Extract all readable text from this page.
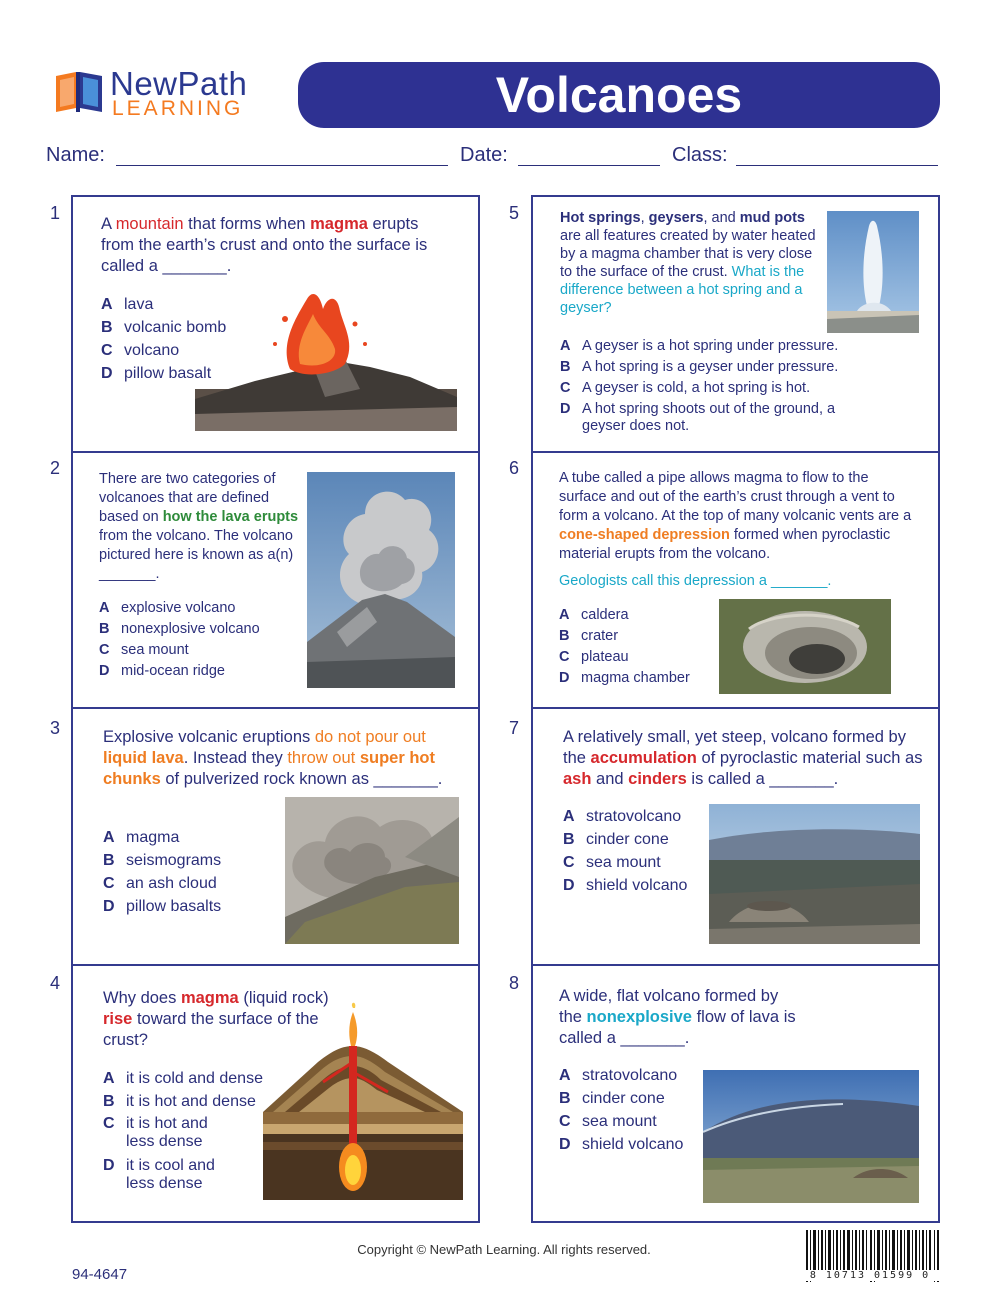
NewPath
LEARNING	Volcanoes
Name:	Date:	Class:
1
A mountain that forms when magma erupts from the earth’s crust and onto the surface is called a _______.
A lava
B volcanic bomb
C volcano
D pillow basalt
5	Hot springs, geysers, and mud pots are all features created by water heated by a magma chamber that is very close to the surface of the crust. What is the difference between a hot spring and a geyser?
A A geyser is a hot spring under pressure.
B A hot spring is a geyser under pressure.
C A geyser is cold, a hot spring is hot.
D A hot spring shoots out of the ground, a geyser does not.
2
There are two categories of volcanoes that are defined based on how the lava erupts from the volcano. The volcano pictured here is known as a(n) _______.
A explosive volcano
B nonexplosive volcano
C sea mount
D mid-ocean ridge
6	A tube called a pipe allows magma to flow to the surface and out of the earth’s crust through a vent to form a volcano. At the top of many volcanic vents are a cone-shaped depression formed when pyroclastic material erupts from the volcano.
Geologists call this depression a _______.
A caldera
B crater
C plateau
D magma chamber
3	Explosive volcanic eruptions do not pour out liquid lava. Instead they throw out super hot chunks of pulverized rock known as _______.
A magma
B seismograms
C an ash cloud
D pillow basalts
7	A relatively small, yet steep, volcano formed by the accumulation of pyroclastic material such as ash and cinders is called a _______.
A stratovolcano
B cinder cone
C sea mount
D shield volcano
4
Why does magma (liquid rock) rise toward the surface of the crust?
A it is cold and dense
B it is hot and dense
C it is hot and less dense
D it is cool and less dense
8
A wide, flat volcano formed by the nonexplosive flow of lava is called a _______.
A stratovolcano
B cinder cone
C sea mount
D shield volcano
Copyright © NewPath Learning. All rights reserved.
94-4647	8 10713 01599 0
